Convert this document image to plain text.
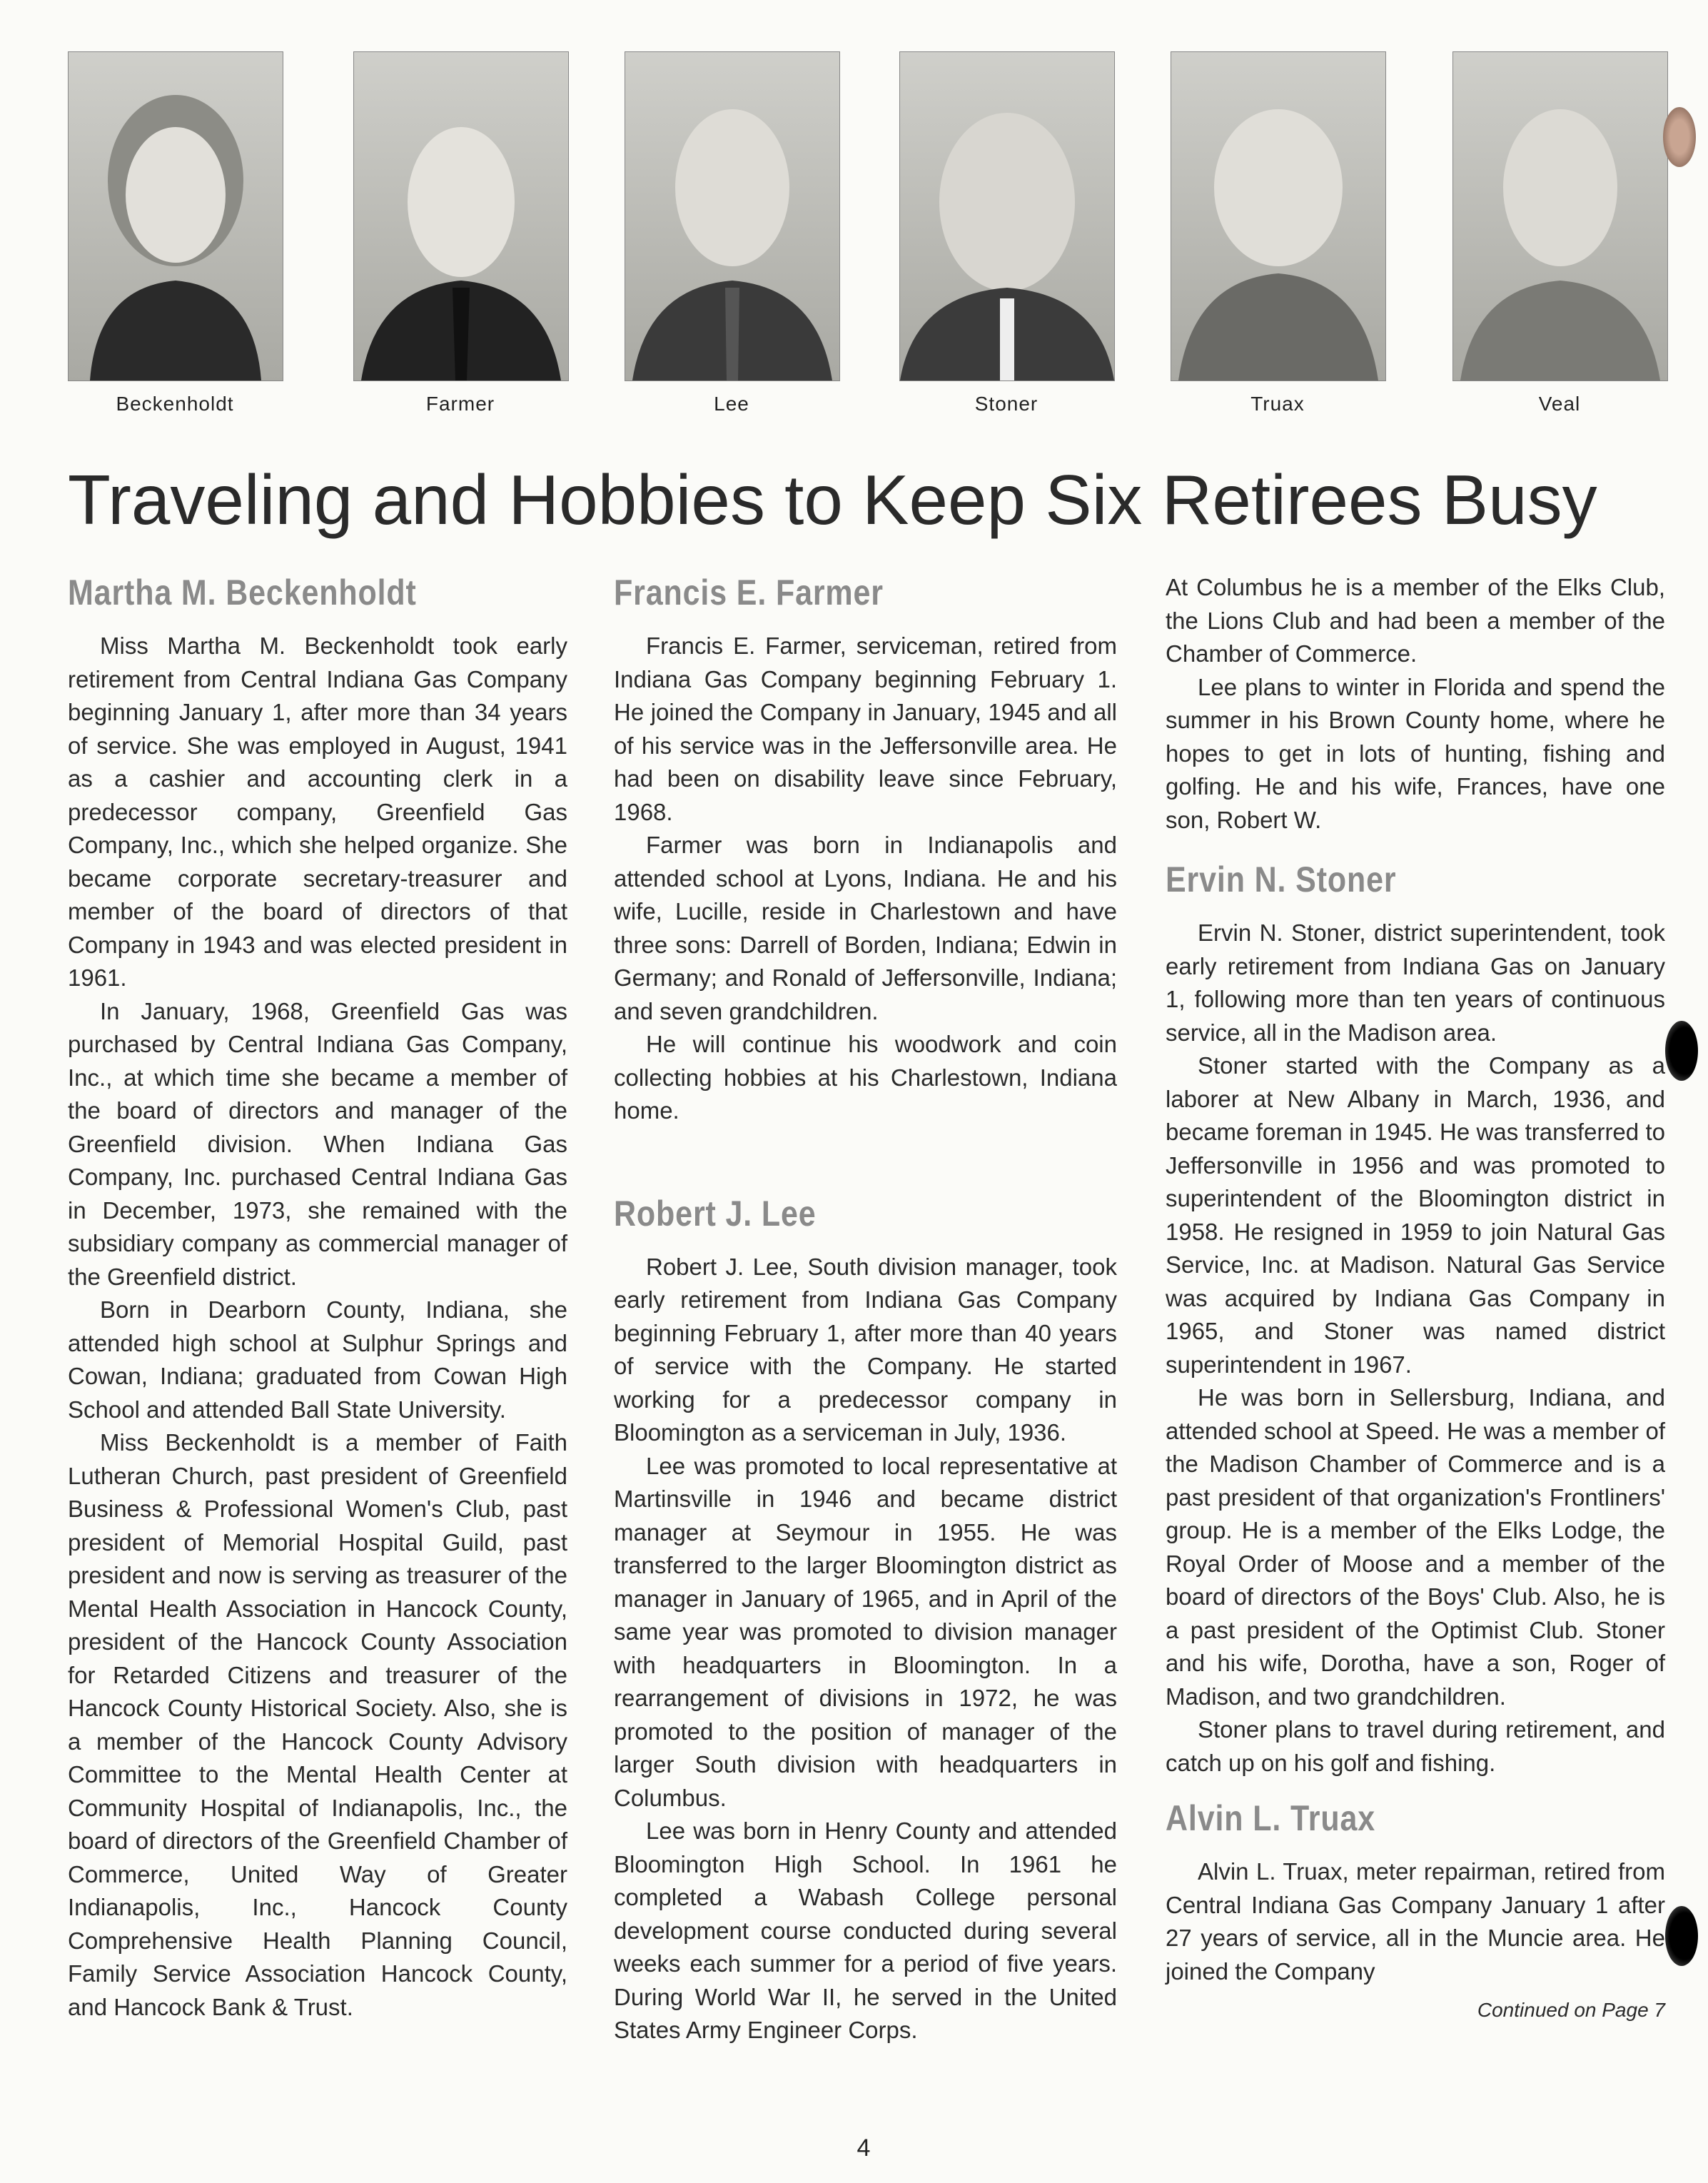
Beckenholdt	Farmer	Lee	Stoner	Truax	Veal
Traveling and Hobbies to Keep Six Retirees Busy
Martha M. Beckenholdt

Miss Martha M. Beckenholdt took early retirement from Central Indiana Gas Company beginning January 1, after more than 34 years of service. She was employed in August, 1941 as a cashier and accounting clerk in a predecessor company, Greenfield Gas Company, Inc., which she helped organize. She became corporate secretary-treasurer and member of the board of directors of that Company in 1943 and was elected president in 1961.

In January, 1968, Greenfield Gas was purchased by Central Indiana Gas Company, Inc., at which time she became a member of the board of directors and manager of the Greenfield division. When Indiana Gas Company, Inc. purchased Central Indiana Gas in December, 1973, she remained with the subsidiary company as commercial manager of the Greenfield district.

Born in Dearborn County, Indiana, she attended high school at Sulphur Springs and Cowan, Indiana; graduated from Cowan High School and attended Ball State University.

Miss Beckenholdt is a member of Faith Lutheran Church, past president of Greenfield Business & Professional Women's Club, past president of Memorial Hospital Guild, past president and now is serving as treasurer of the Mental Health Association in Hancock County, president of the Hancock County Association for Retarded Citizens and treasurer of the Hancock County Historical Society. Also, she is a member of the Hancock County Advisory Committee to the Mental Health Center at Community Hospital of Indianapolis, Inc., the board of directors of the Greenfield Chamber of Commerce, United Way of Greater Indianapolis, Inc., Hancock County Comprehensive Health Planning Council, Family Service Association Hancock County, and Hancock Bank & Trust.

Francis E. Farmer

Francis E. Farmer, serviceman, retired from Indiana Gas Company beginning February 1. He joined the Company in January, 1945 and all of his service was in the Jeffersonville area. He had been on disability leave since February, 1968.

Farmer was born in Indianapolis and attended school at Lyons, Indiana. He and his wife, Lucille, reside in Charlestown and have three sons: Darrell of Borden, Indiana; Edwin in Germany; and Ronald of Jeffersonville, Indiana; and seven grandchildren.

He will continue his woodwork and coin collecting hobbies at his Charlestown, Indiana home.

Robert J. Lee

Robert J. Lee, South division manager, took early retirement from Indiana Gas Company beginning February 1, after more than 40 years of service with the Company. He started working for a predecessor company in Bloomington as a serviceman in July, 1936.

Lee was promoted to local representative at Martinsville in 1946 and became district manager at Seymour in 1955. He was transferred to the larger Bloomington district as manager in January of 1965, and in April of the same year was promoted to division manager with headquarters in Bloomington. In a rearrangement of divisions in 1972, he was promoted to the position of manager of the larger South division with headquarters in Columbus.

Lee was born in Henry County and attended Bloomington High School. In 1961 he completed a Wabash College personal development course conducted during several weeks each summer for a period of five years. During World War II, he served in the United States Army Engineer Corps.

At Columbus he is a member of the Elks Club, the Lions Club and had been a member of the Chamber of Commerce.

Lee plans to winter in Florida and spend the summer in his Brown County home, where he hopes to get in lots of hunting, fishing and golfing. He and his wife, Frances, have one son, Robert W.

Ervin N. Stoner

Ervin N. Stoner, district superintendent, took early retirement from Indiana Gas on January 1, following more than ten years of continuous service, all in the Madison area.

Stoner started with the Company as a laborer at New Albany in March, 1936, and became foreman in 1945. He was transferred to Jeffersonville in 1956 and was promoted to superintendent of the Bloomington district in 1958. He resigned in 1959 to join Natural Gas Service, Inc. at Madison. Natural Gas Service was acquired by Indiana Gas Company in 1965, and Stoner was named district superintendent in 1967.

He was born in Sellersburg, Indiana, and attended school at Speed. He was a member of the Madison Chamber of Commerce and is a past president of that organization's Frontliners' group. He is a member of the Elks Lodge, the Royal Order of Moose and a member of the board of directors of the Boys' Club. Also, he is a past president of the Optimist Club. Stoner and his wife, Dorotha, have a son, Roger of Madison, and two grandchildren.

Stoner plans to travel during retirement, and catch up on his golf and fishing.

Alvin L. Truax

Alvin L. Truax, meter repairman, retired from Central Indiana Gas Company January 1 after 27 years of service, all in the Muncie area. He joined the Company

Continued on Page 7
4
